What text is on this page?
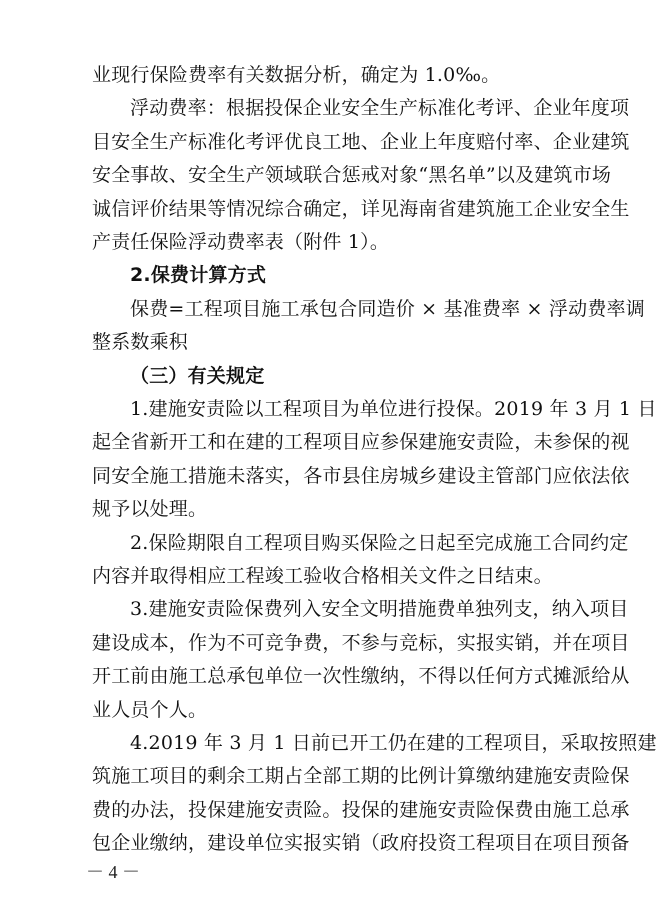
业现行保险费率有关数据分析，确定为 1.0‰。
浮动费率：根据投保企业安全生产标准化考评、企业年度项
目安全生产标准化考评优良工地、企业上年度赔付率、企业建筑
安全事故、安全生产领域联合惩戒对象“黑名单”以及建筑市场
诚信评价结果等情况综合确定，详见海南省建筑施工企业安全生
产责任保险浮动费率表（附件 1）。
2.保费计算方式
保费=工程项目施工承包合同造价 × 基准费率 × 浮动费率调
整系数乘积
（三）有关规定
1.建施安责险以工程项目为单位进行投保。2019 年 3 月 1 日
起全省新开工和在建的工程项目应参保建施安责险，未参保的视
同安全施工措施未落实，各市县住房城乡建设主管部门应依法依
规予以处理。
2.保险期限自工程项目购买保险之日起至完成施工合同约定
内容并取得相应工程竣工验收合格相关文件之日结束。
3.建施安责险保费列入安全文明措施费单独列支，纳入项目
建设成本，作为不可竞争费，不参与竞标，实报实销，并在项目
开工前由施工总承包单位一次性缴纳，不得以任何方式摊派给从
业人员个人。
4.2019 年 3 月 1 日前已开工仍在建的工程项目，采取按照建
筑施工项目的剩余工期占全部工期的比例计算缴纳建施安责险保
费的办法，投保建施安责险。投保的建施安责险保费由施工总承
包企业缴纳，建设单位实报实销（政府投资工程项目在项目预备
－ 4 －
